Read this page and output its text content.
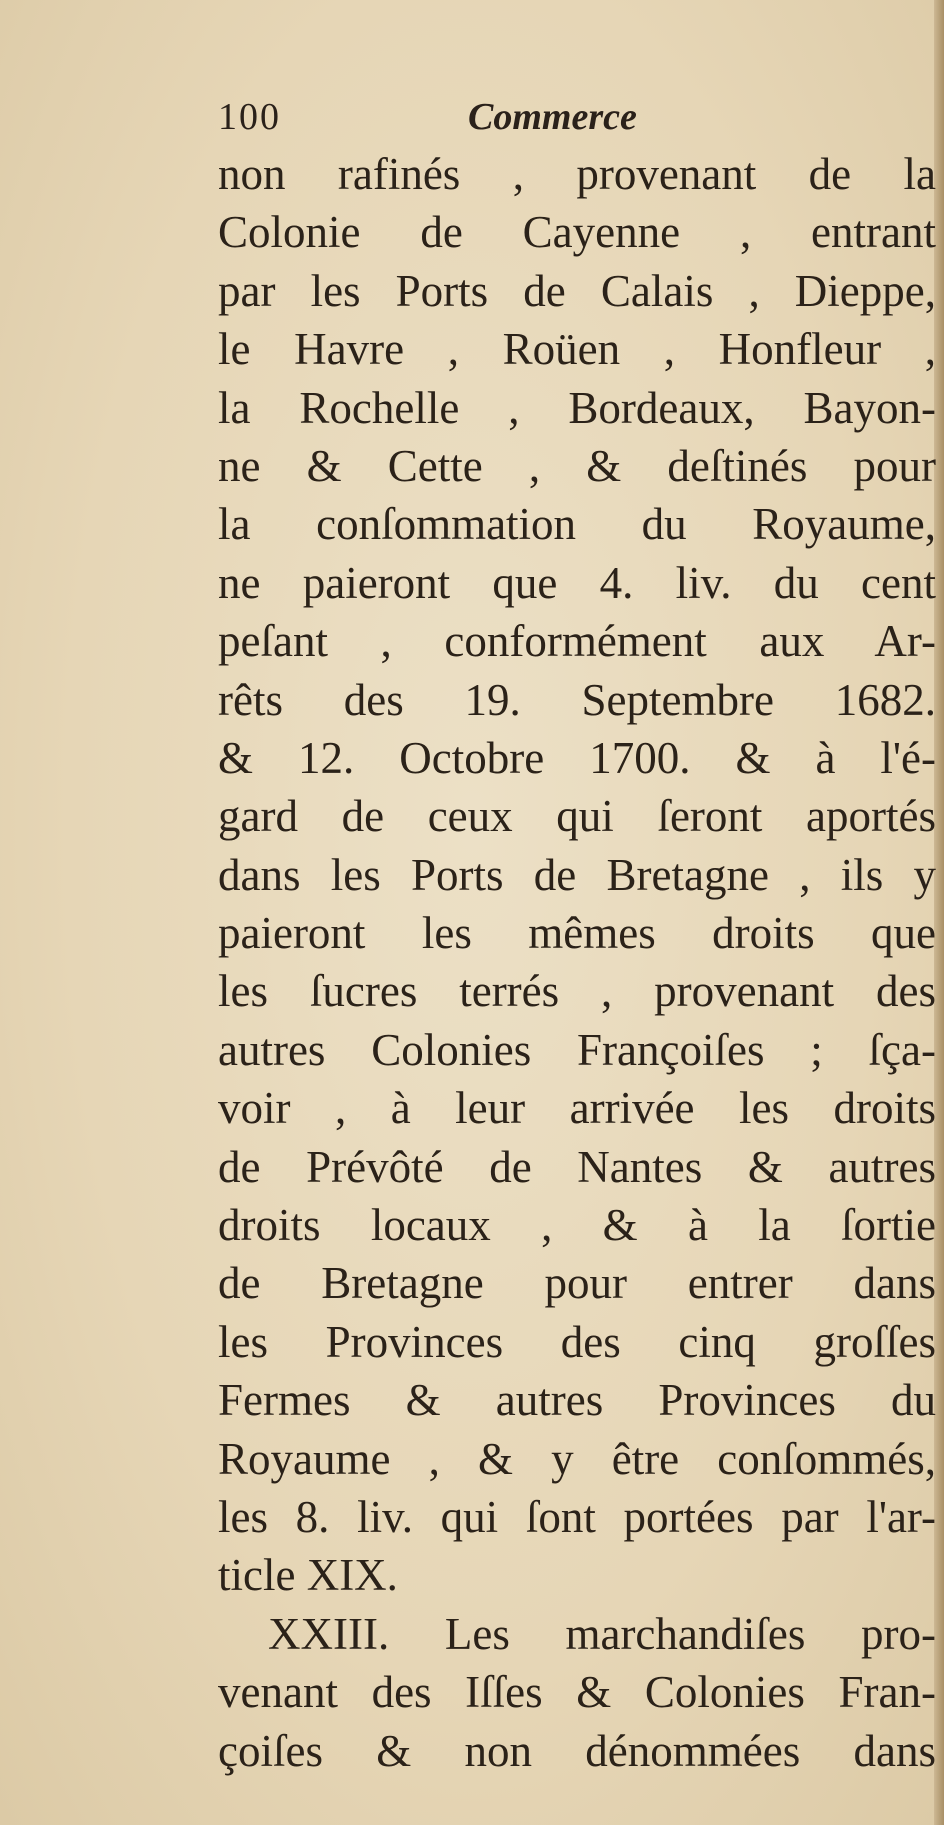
100	Commerce
non rafinés , provenant de la
Colonie de Cayenne , entrant
par les Ports de Calais , Dieppe,
le Havre , Roüen , Honfleur ,
la Rochelle , Bordeaux, Bayon-
ne & Cette , & deſtinés pour
la conſommation du Royaume,
ne paieront que 4. liv. du cent
peſant , conformément aux Ar-
rêts des 19. Septembre 1682.
& 12. Octobre 1700. & à l'é-
gard de ceux qui ſeront aportés
dans les Ports de Bretagne , ils y
paieront les mêmes droits que
les ſucres terrés , provenant des
autres Colonies Françoiſes ; ſça-
voir , à leur arrivée les droits
de Prévôté de Nantes & autres
droits locaux , & à la ſortie
de Bretagne pour entrer dans
les Provinces des cinq groſſes
Fermes & autres Provinces du
Royaume , & y être conſommés,
les 8. liv. qui ſont portées par l'ar-
ticle XIX.
XXIII. Les marchandiſes pro-
venant des Iſſes & Colonies Fran-
çoiſes & non dénommées dans
